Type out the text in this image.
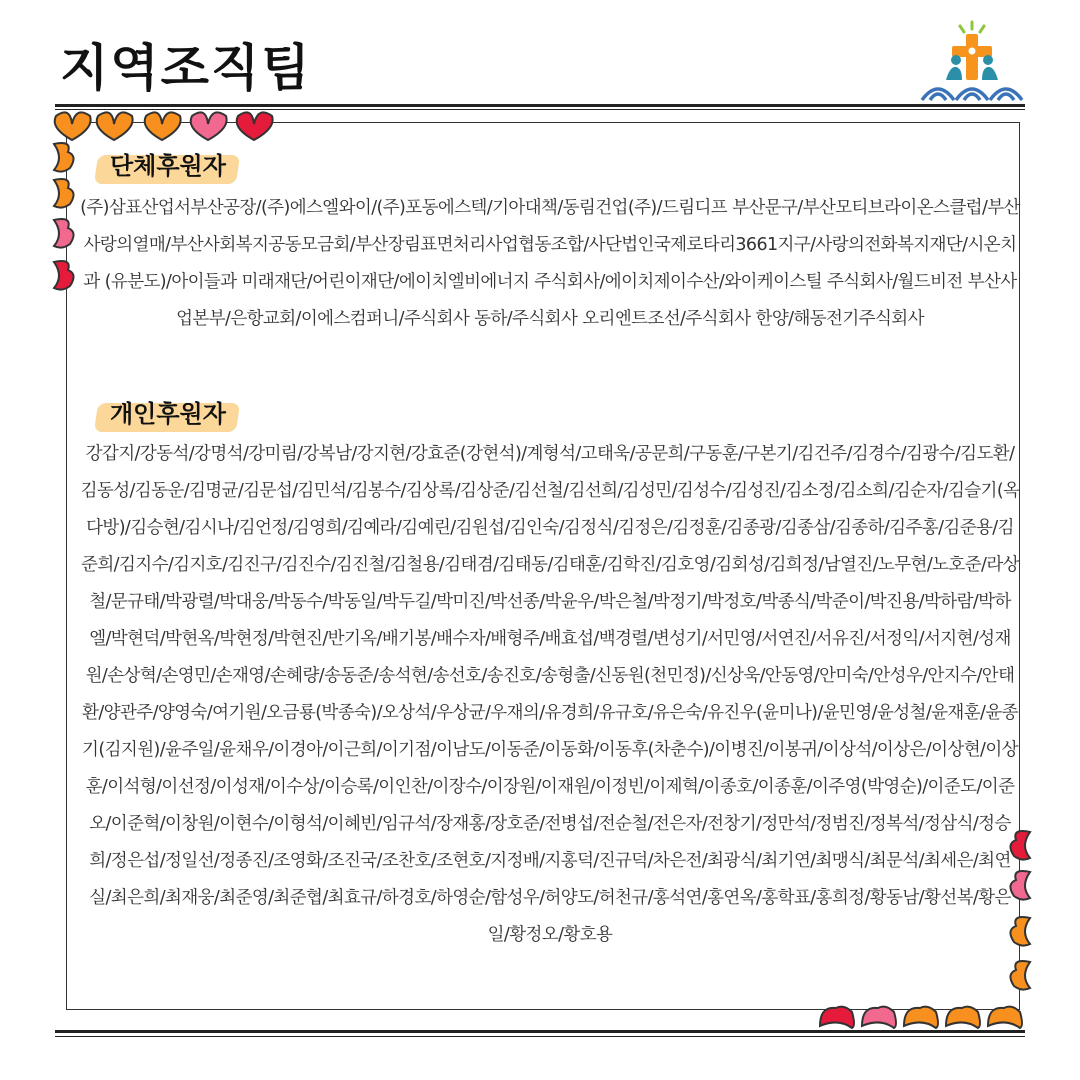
지역조직팀
단체후원자

(주)삼표산업서부산공장/(주)에스엘와이/(주)포동에스텍/기아대책/동림건업(주)/드림디프 부산문구/부산모티브라이온스클럽/부산사랑의열매/부산사회복지공동모금회/부산장림표면처리사업협동조합/사단법인국제로타리3661지구/사랑의전화복지재단/시온치과 (유분도)/아이들과 미래재단/어린이재단/에이치엘비에너지 주식회사/에이치제이수산/와이케이스틸 주식회사/월드비전 부산사업본부/은항교회/이에스컴퍼니/주식회사 동하/주식회사 오리엔트조선/주식회사 한양/해동전기주식회사

개인후원자

강갑지/강동석/강명석/강미림/강복남/강지현/강효준(강현석)/계형석/고태욱/공문희/구동훈/구본기/김건주/김경수/김광수/김도환/김동성/김동운/김명균/김문섭/김민석/김봉수/김상록/김상준/김선철/김선희/김성민/김성수/김성진/김소정/김소희/김순자/김슬기(옥다방)/김승현/김시나/김언정/김영희/김예라/김예린/김원섭/김인숙/김정식/김정은/김정훈/김종광/김종삼/김종하/김주홍/김준용/김준희/김지수/김지호/김진구/김진수/김진철/김철용/김태겸/김태동/김태훈/김학진/김호영/김회성/김희정/남열진/노무현/노호준/라상철/문규태/박광렬/박대웅/박동수/박동일/박두길/박미진/박선종/박윤우/박은철/박정기/박정호/박종식/박준이/박진용/박하람/박하엘/박현덕/박현옥/박현정/박현진/반기옥/배기봉/배수자/배형주/배효섭/백경렬/변성기/서민영/서연진/서유진/서정익/서지현/성재원/손상혁/손영민/손재영/손혜량/송동준/송석현/송선호/송진호/송형출/신동원(천민정)/신상욱/안동영/안미숙/안성우/안지수/안태환/양관주/양영숙/여기원/오금룡(박종숙)/오상석/우상균/우재의/유경희/유규호/유은숙/유진우(윤미나)/윤민영/윤성철/윤재훈/윤종기(김지원)/윤주일/윤채우/이경아/이근희/이기점/이남도/이동준/이동화/이동후(차춘수)/이병진/이봉귀/이상석/이상은/이상현/이상훈/이석형/이선정/이성재/이수상/이승록/이인찬/이장수/이장원/이재원/이정빈/이제혁/이종호/이종훈/이주영(박영순)/이준도/이준오/이준혁/이창원/이현수/이형석/이혜빈/임규석/장재홍/장호준/전병섭/전순철/전은자/전창기/정만석/정범진/정복석/정삼식/정승희/정은섭/정일선/정종진/조영화/조진국/조찬호/조현호/지정배/지홍덕/진규덕/차은전/최광식/최기연/최맹식/최문석/최세은/최연실/최은희/최재웅/최준영/최준협/최효규/하경호/하영순/함성우/허양도/허천규/홍석연/홍연옥/홍학표/홍희정/황동남/황선복/황은일/황정오/황호용
